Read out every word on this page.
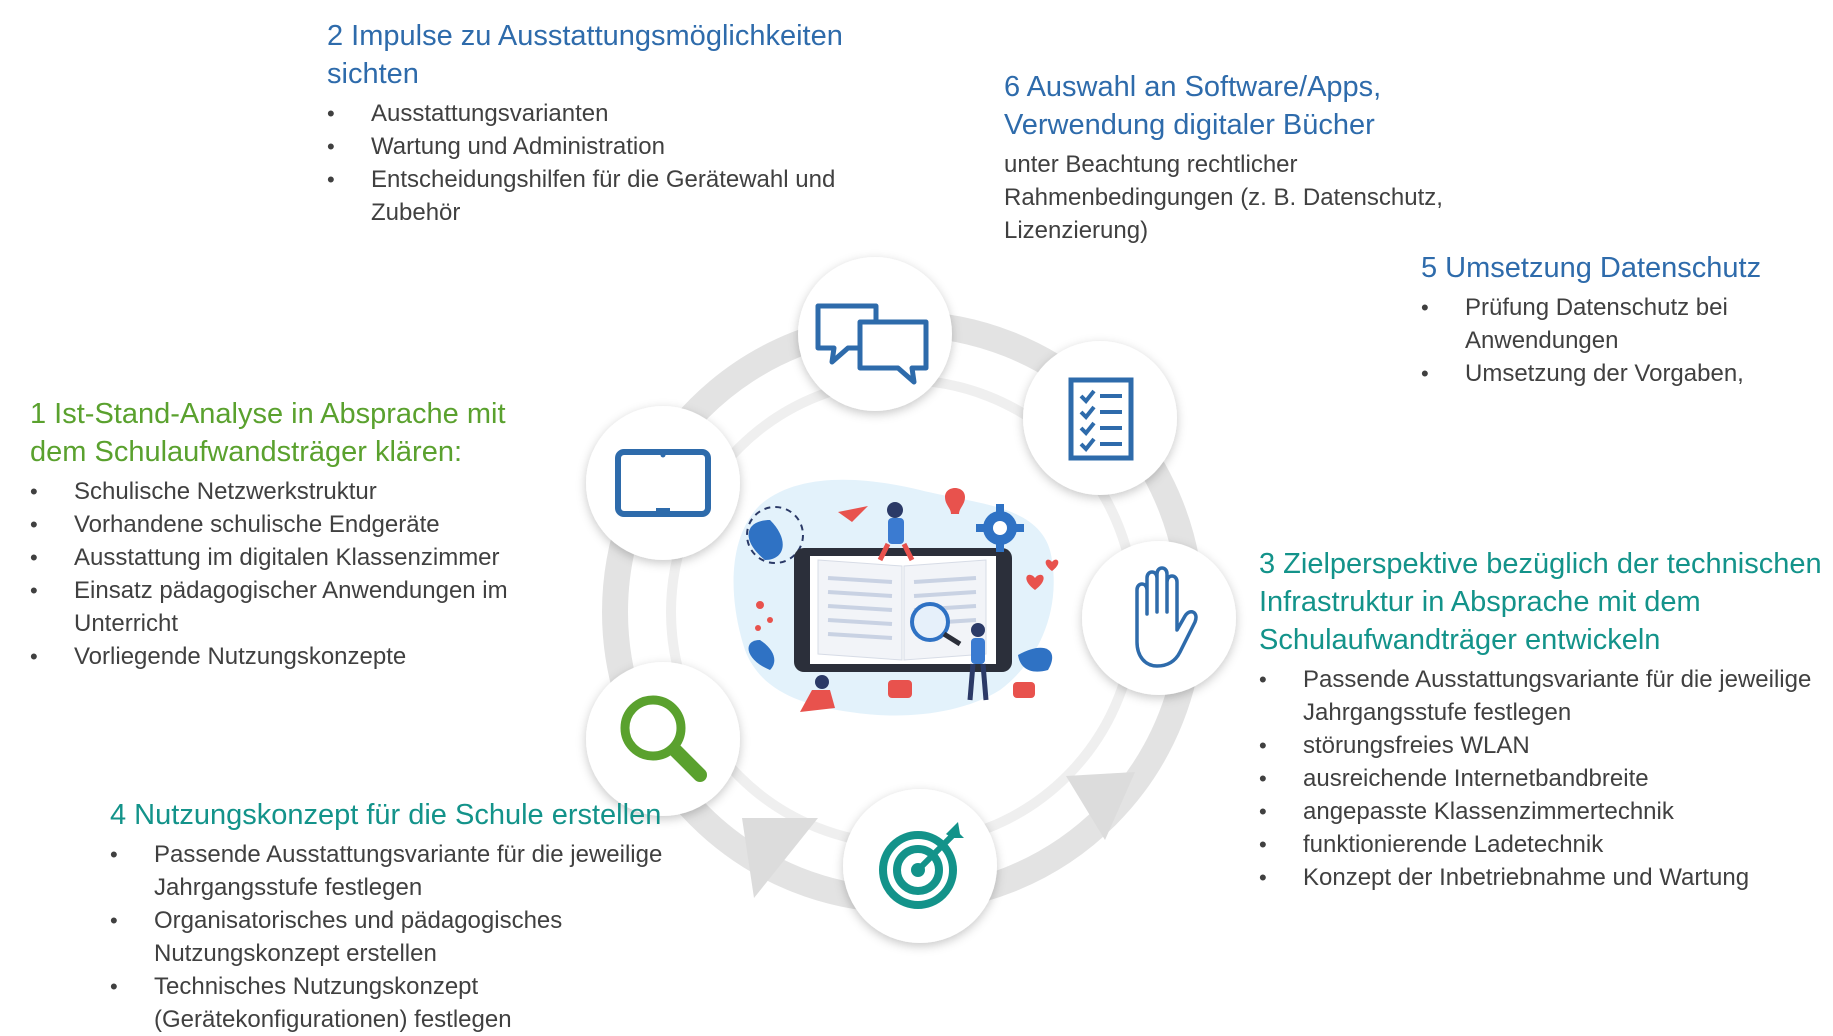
2 Impulse zu Ausstattungsmöglichkeiten sichten
• Ausstattungsvarianten
• Wartung und Administration
• Entscheidungshilfen für die Gerätewahl und Zubehör
6 Auswahl an Software/Apps, Verwendung digitaler Bücher

unter Beachtung rechtlicher Rahmenbedingungen (z. B. Datenschutz, Lizenzierung)

5 Umsetzung Datenschutz
• Prüfung Datenschutz bei Anwendungen
• Umsetzung der Vorgaben,
1 Ist-Stand-Analyse in Absprache mit dem Schulaufwandsträger klären:
• Schulische Netzwerkstruktur
• Vorhandene schulische Endgeräte
• Ausstattung im digitalen Klassenzimmer
• Einsatz pädagogischer Anwendungen im Unterricht
• Vorliegende Nutzungskonzepte
3 Zielperspektive bezüglich der technischen Infrastruktur in Absprache mit dem Schulaufwandträger entwickeln
• Passende Ausstattungsvariante für die jeweilige Jahrgangsstufe festlegen
• störungsfreies WLAN
• ausreichende Internetbandbreite
• angepasste Klassenzimmertechnik
• funktionierende Ladetechnik
• Konzept der Inbetriebnahme und Wartung
4 Nutzungskonzept für die Schule erstellen
• Passende Ausstattungsvariante für die jeweilige Jahrgangsstufe festlegen
• Organisatorisches und pädagogisches Nutzungskonzept erstellen
• Technisches Nutzungskonzept (Gerätekonfigurationen) festlegen
